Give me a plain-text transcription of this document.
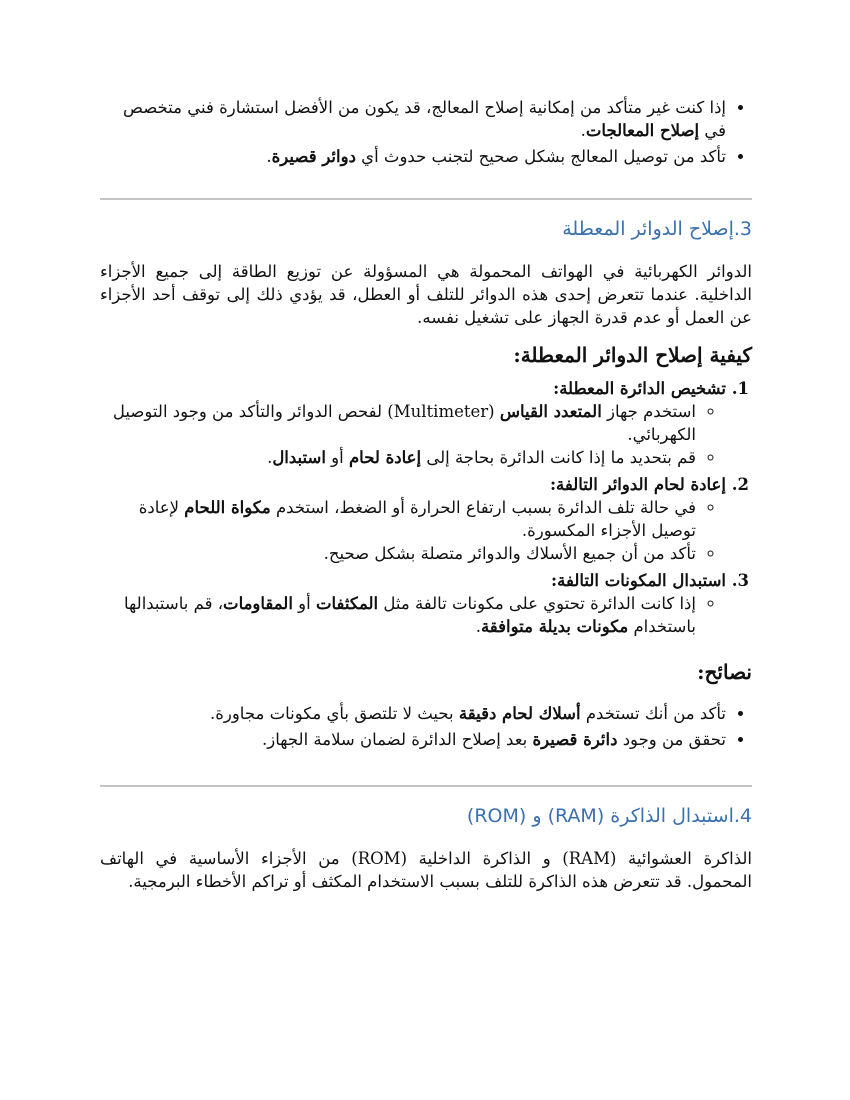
• إذا كنت غير متأكد من إمكانية إصلاح المعالج، قد يكون من الأفضل استشارة فني متخصص في إصلاح المعالجات.
• تأكد من توصيل المعالج بشكل صحيح لتجنب حدوث أي دوائر قصيرة.
3.
إصلاح الدوائر المعطلة

الدوائر الكهربائية في الهواتف المحمولة هي المسؤولة عن توزيع الطاقة إلى جميع الأجزاء الداخلية. عندما تتعرض إحدى هذه الدوائر للتلف أو العطل، قد يؤدي ذلك إلى توقف أحد الأجزاء عن العمل أو عدم قدرة الجهاز على تشغيل نفسه.

كيفية إصلاح الدوائر المعطلة:
1. تشخيص الدائرة المعطلة:
◦ استخدم جهاز المتعدد القياس (Multimeter) لفحص الدوائر والتأكد من وجود التوصيل الكهربائي.
◦ قم بتحديد ما إذا كانت الدائرة بحاجة إلى إعادة لحام أو استبدال.
2. إعادة لحام الدوائر التالفة:
◦ في حالة تلف الدائرة بسبب ارتفاع الحرارة أو الضغط، استخدم مكواة اللحام لإعادة توصيل الأجزاء المكسورة.
◦ تأكد من أن جميع الأسلاك والدوائر متصلة بشكل صحيح.
3. استبدال المكونات التالفة:
◦ إذا كانت الدائرة تحتوي على مكونات تالفة مثل المكثفات أو المقاومات، قم باستبدالها باستخدام مكونات بديلة متوافقة.
نصائح:
• تأكد من أنك تستخدم أسلاك لحام دقيقة بحيث لا تلتصق بأي مكونات مجاورة.
• تحقق من وجود دائرة قصيرة بعد إصلاح الدائرة لضمان سلامة الجهاز.
4.
استبدال الذاكرة (RAM) و (ROM)

الذاكرة العشوائية (RAM) و الذاكرة الداخلية (ROM) من الأجزاء الأساسية في الهاتف المحمول. قد تتعرض هذه الذاكرة للتلف بسبب الاستخدام المكثف أو تراكم الأخطاء البرمجية.
